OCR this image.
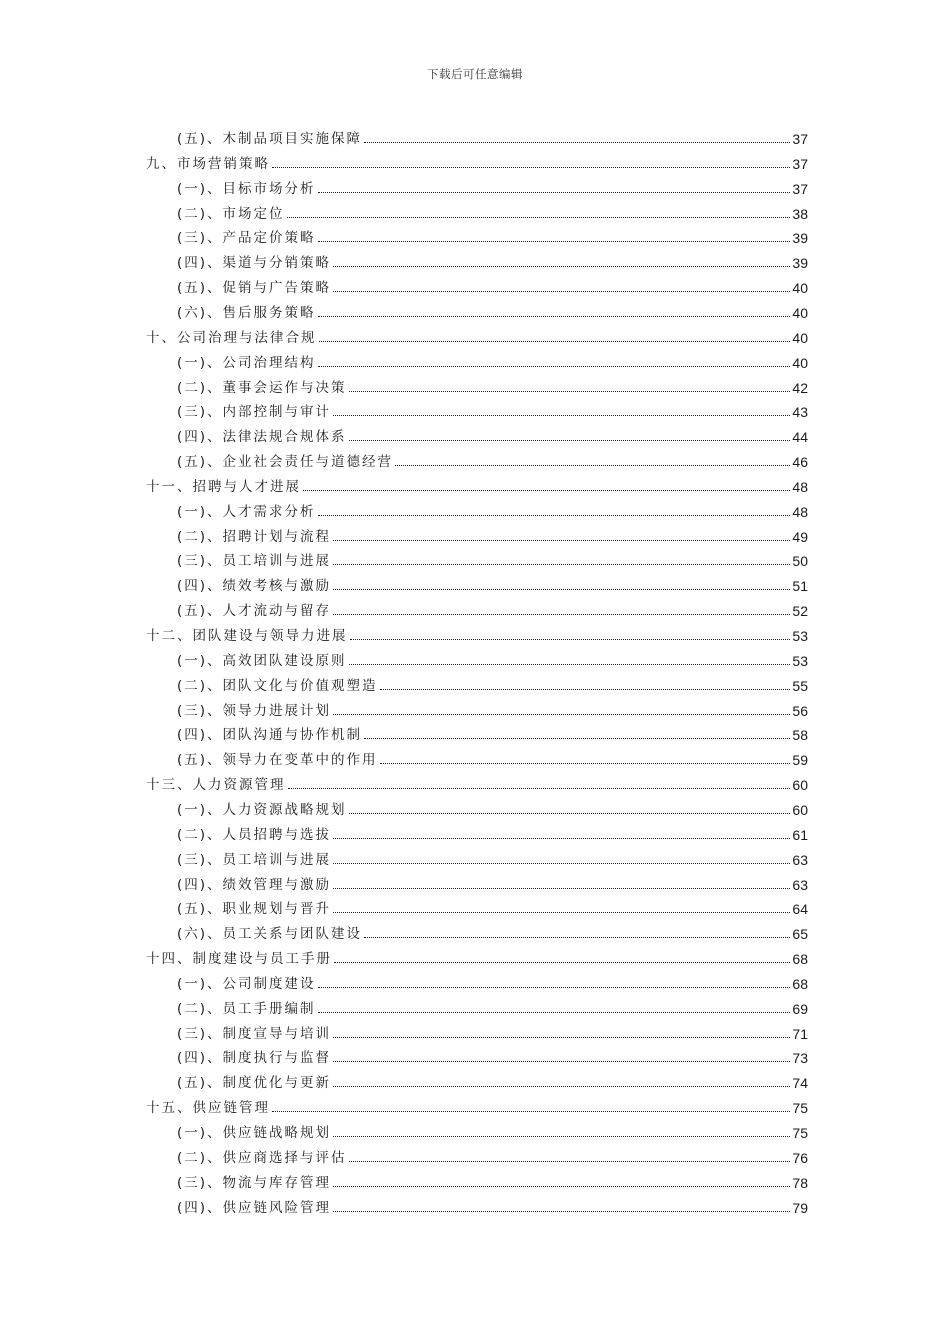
下载后可任意编辑
(五)、木制品项目实施保障	37
九、市场营销策略	37
(一)、目标市场分析	37
(二)、市场定位	38
(三)、产品定价策略	39
(四)、渠道与分销策略	39
(五)、促销与广告策略	40
(六)、售后服务策略	40
十、公司治理与法律合规	40
(一)、公司治理结构	40
(二)、董事会运作与决策	42
(三)、内部控制与审计	43
(四)、法律法规合规体系	44
(五)、企业社会责任与道德经营	46
十一、招聘与人才进展	48
(一)、人才需求分析	48
(二)、招聘计划与流程	49
(三)、员工培训与进展	50
(四)、绩效考核与激励	51
(五)、人才流动与留存	52
十二、团队建设与领导力进展	53
(一)、高效团队建设原则	53
(二)、团队文化与价值观塑造	55
(三)、领导力进展计划	56
(四)、团队沟通与协作机制	58
(五)、领导力在变革中的作用	59
十三、人力资源管理	60
(一)、人力资源战略规划	60
(二)、人员招聘与选拔	61
(三)、员工培训与进展	63
(四)、绩效管理与激励	63
(五)、职业规划与晋升	64
(六)、员工关系与团队建设	65
十四、制度建设与员工手册	68
(一)、公司制度建设	68
(二)、员工手册编制	69
(三)、制度宣导与培训	71
(四)、制度执行与监督	73
(五)、制度优化与更新	74
十五、供应链管理	75
(一)、供应链战略规划	75
(二)、供应商选择与评估	76
(三)、物流与库存管理	78
(四)、供应链风险管理	79
